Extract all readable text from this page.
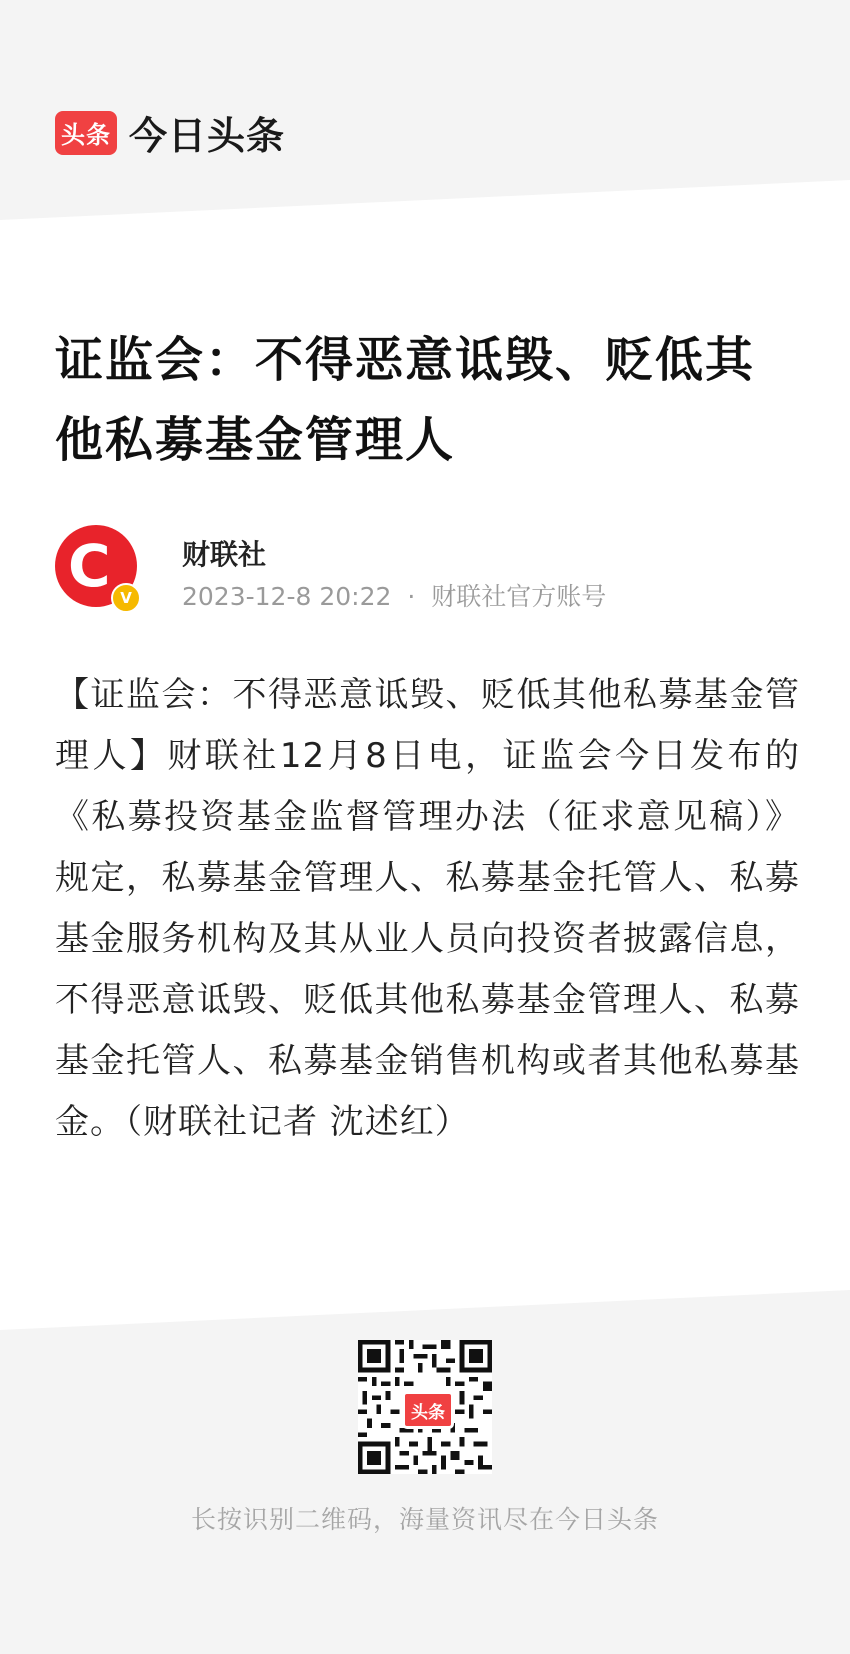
头条 今日头条
证监会：不得恶意诋毁、贬低其他私募基金管理人
C V
财联社
2023-12-8 20:22 · 财联社官方账号
【证监会：不得恶意诋毁、贬低其他私募基金管理人】财联社12月8日电，证监会今日发布的《私募投资基金监督管理办法（征求意见稿）》规定，私募基金管理人、私募基金托管人、私募基金服务机构及其从业人员向投资者披露信息，不得恶意诋毁、贬低其他私募基金管理人、私募基金托管人、私募基金销售机构或者其他私募基金。（财联社记者 沈述红）
头条
长按识别二维码，海量资讯尽在今日头条
